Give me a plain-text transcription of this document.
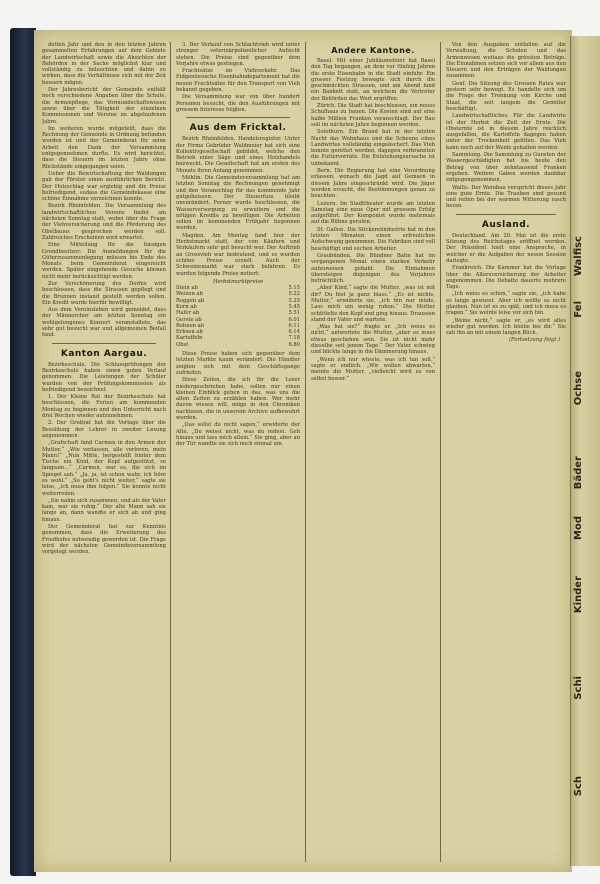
detten Jahr und den in den letzten Jahren gesammelten Erfahrungen auf dem Gebiete der Landwirtschaft sowie die Absichten der Behörden in der Sache möglichst klar und vollständig zu beleuchten und dahin zu wirken, dass die Verhältnisse sich mit der Zeit bessern mögen.

Der Jahresbericht der Gemeinde enthält noch verschiedene Angaben über die Schule, die Armenpflege, das Vormundschaftswesen sowie über die Tätigkeit der einzelnen Kommissionen und Vereine im abgelaufenen Jahre.

Im weiteren wurde mitgeteilt, dass die Rechnung der Gemeinde in Ordnung befunden worden ist und der Gemeinderat für seine Arbeit den Dank der Versammlung entgegennehmen durfte. Es wird berichtet, dass die Steuern im letzten Jahre ohne Rückstände eingegangen seien.

Ueber die Bewirtschaftung der Waldungen gab der Förster einen ausführlichen Bericht. Der Holzschlag war ergiebig und die Preise befriedigend, sodass die Gemeindekasse eine schöne Einnahme verzeichnen konnte.

Bezirk Rheinfelden. Die Versammlung des landwirtschaftlichen Vereins findet am nächsten Sonntag statt, wobei über die Frage der Viehversicherung und die Förderung des Obstbaues gesprochen werden soll. Zahlreiches Erscheinen wird erwartet.

Eine Mitteilung für die hiesigen Grundbesitzer: Die Anmeldungen für die Güterzusammenlegung müssen bis Ende des Monats beim Gemeinderat eingereicht werden. Später eingehende Gesuche können nicht mehr berücksichtigt werden.

Zur Verschönerung des Dorfes wird beschlossen, dass die Strassen gepflegt und die Brunnen instand gestellt werden sollen. Ein Kredit wurde hierfür bewilligt.

Aus dem Vereinsleben wird gemeldet, dass der Männerchor am letzten Sonntag ein wohlgelungenes Konzert veranstaltete, das sehr gut besucht war und allgemeinen Beifall fand.

Kanton Aargau.

Bezirksschule. Die Schlussprüfungen der Bezirksschule haben einen guten Verlauf genommen. Die Leistungen der Schüler wurden von der Prüfungskommission als befriedigend bezeichnet.

1. Der Kleine Rat der Bezirksschule hat beschlossen, die Ferien am kommenden Montag zu beginnen und den Unterricht nach drei Wochen wieder aufzunehmen.

2. Der Großrat hat die Vorlage über die Besoldung der Lehrer in zweiter Lesung angenommen.

„Grafschaft fand Carmen in den Armen der Mutter.“ „Wie verlassen, alle verloren, mein Mann!“ „Nun Mitte, hergestellt hinter dem Tische ein Kind, der Kopf aufgestützt, so langsam...“ „Carmen, war es, die sich im Spiegel sah.“ „Ja, ja, ist schon wahr, ich höre es wohl.“ „So geht's nicht weiter,“ sagte sie leise, „ich muss ihm folgen.“ Sie konnte nicht weiterreden.

„Sie nahm sich zusammen, und als der Vater kam, war sie ruhig.“ Der alte Mann sah sie lange an, dann wandte er sich ab und ging hinaus.

Der Gemeinderat hat zur Kenntnis genommen, dass die Erweiterung des Friedhofes notwendig geworden ist. Die Frage wird der nächsten Gemeindeversammlung vorgelegt werden.

3. Der Verkauf von Schlachtvieh wird unter strenger veterinärpolizeilicher Aufsicht stehen. Die Preise sind gegenüber dem Vorjahre etwas gestiegen.

Frachtsätze im Viehverkehr. Das Eidgenössische Eisenbahndepartement hat die neuen Frachtsätze für den Transport von Vieh bekannt gegeben.

Die Versammlung war von über hundert Personen besucht, die den Ausführungen mit grossem Interesse folgten.

Aus dem Fricktal.

Bezirk Rheinfelden. Handelsregister. Unter der Firma Gebrüder Waldmeier hat sich eine Kollektivgesellschaft gebildet, welche den Betrieb einer Säge und eines Holzhandels bezweckt. Die Gesellschaft hat am ersten des Monats ihren Anfang genommen.

Möhlin. Die Gemeindeversammlung hat am letzten Sonntag die Rechnungen genehmigt und den Voranschlag für das kommende Jahr gutgeheissen. Der Steuerfuss bleibt unverändert. Ferner wurde beschlossen, die Wasserversorgung zu erweitern und die nötigen Kredite zu bewilligen. Die Arbeiten sollen im kommenden Frühjahr begonnen werden.

Magden. Am Montag fand hier der Herbstmarkt statt, der von Käufern und Verkäufern sehr gut besucht war. Der Auftrieb an Grossvieh war bedeutend, und es wurden schöne Preise erzielt. Auch der Schweinemarkt war stark befahren. Es wurden folgende Preise notiert:

Herbstmarktpreise
Stein ab	5.15
Weizen ab	5.22
Roggen ab	5.25
Korn ab	5.45
Hafer ab	5.51
Gerste ab	6.01
Bohnen ab	6.11
Erbsen ab	6.14
Kartoffeln	7.18
Obst	6.80

Diese Preise haben sich gegenüber dem letzten Markte kaum verändert. Die Händler zeigten sich mit dem Geschäftsgange zufrieden.

Diese Zeilen, die ich für die Leser niedergeschrieben habe, sollen nur einen kleinen Einblick geben in das, was uns die alten Zeiten zu erzählen haben. Wer mehr davon wissen will, möge in den Chroniken nachlesen, die in unserem Archive aufbewahrt werden.

„Das sollst du nicht sagen,“ erwiderte der Alte. „Du weisst nicht, was du redest. Geh hinaus und lass mich allein.“ Sie ging, aber an der Tür wandte sie sich noch einmal um.

Andere Kantone.

Basel. Mit einer Jubiläumsfeier hat Basel den Tag begangen, an dem vor fünfzig Jahren die erste Eisenbahn in die Stadt einfuhr. Ein grosser Festzug bewegte sich durch die geschmückten Strassen, und am Abend fand ein Bankett statt, an welchem die Vertreter der Behörden das Wort ergriffen.

Zürich. Die Stadt hat beschlossen, ein neues Schulhaus zu bauen. Die Kosten sind auf eine halbe Million Franken veranschlagt. Der Bau soll im nächsten Jahre begonnen werden.

Solothurn. Ein Brand hat in der letzten Nacht das Wohnhaus und die Scheune eines Landwirtes vollständig eingeäschert. Das Vieh konnte gerettet werden, dagegen verbrannten die Futtervorräte. Die Entstehungsursache ist unbekannt.

Bern. Die Regierung hat eine Verordnung erlassen, wonach die Jagd auf Gemsen in diesem Jahre eingeschränkt wird. Die Jäger werden ersucht, die Bestimmungen genau zu beachten.

Luzern. Im Stadttheater wurde am letzten Samstag eine neue Oper mit grossem Erfolg aufgeführt. Der Komponist wurde mehrmals auf die Bühne gerufen.

St. Gallen. Die Stickereiindustrie hat in den letzten Monaten einen erfreulichen Aufschwung genommen. Die Fabriken sind voll beschäftigt und suchen Arbeiter.

Graubünden. Die Bündner Bahn hat im vergangenen Monat einen starken Verkehr aufzuweisen gehabt. Die Einnahmen übersteigen diejenigen des Vorjahres beträchtlich.

„Aber Kind,“ sagte die Mutter, „was ist mit dir? Du bist ja ganz blass.“ „Es ist nichts, Mutter,“ erwiderte sie, „ich bin nur müde. Lass mich ein wenig ruhen.“ Die Mutter schüttelte den Kopf und ging hinaus. Draussen stand der Vater und wartete.

„Was hat sie?“ fragte er. „Ich weiss es nicht,“ antwortete die Mutter, „aber es muss etwas geschehen sein. Sie ist nicht mehr dieselbe seit jenem Tage.“ Der Vater schwieg und blickte lange in die Dämmerung hinaus.

„Wenn ich nur wüsste, was ich tun soll,“ sagte er endlich. „Wir wollen abwarten,“ meinte die Mutter, „vielleicht wird es von selbst besser.“

Von den Ausgaben entfallen auf die Verwaltung, die Schulen und das Armenwesen weitaus die grössten Beträge. Die Einnahmen setzen sich vor allem aus den Steuern und den Erträgen der Waldungen zusammen.

Genf. Die Sitzung des Grossen Rates war gestern sehr bewegt. Es handelte sich um die Frage der Trennung von Kirche und Staat, die seit langem die Gemüter beschäftigt.

Landwirtschaftliches. Für die Landwirte ist der Herbst die Zeit der Ernte. Die Obsternte ist in diesem Jahre reichlich ausgefallen, die Kartoffeln dagegen haben unter der Trockenheit gelitten. Das Vieh kann noch auf der Weide gehalten werden.

Sammlung. Die Sammlung zu Gunsten der Wassergeschädigten hat bis heute den Betrag von über zehntausend Franken ergeben. Weitere Gaben werden dankbar entgegengenommen.

Wallis. Der Weinbau verspricht dieses Jahr eine gute Ernte. Die Trauben sind gesund und reifen bei der warmen Witterung rasch heran.

Ausland.

Deutschland. Am 20. Mai ist die erste Sitzung des Reichstages eröffnet worden. Der Präsident hielt eine Ansprache, in welcher er die Aufgaben der neuen Session darlegte.

Frankreich. Die Kammer hat die Vorlage über die Altersversicherung der Arbeiter angenommen. Die Debatte dauerte mehrere Tage.

„Ich weiss es schon,“ sagte sie, „ich habe es lange gewusst. Aber ich wollte es nicht glauben. Nun ist es zu spät, und ich muss es tragen.“ Sie weinte leise vor sich hin.

„Weine nicht,“ sagte er, „es wird alles wieder gut werden. Ich bleibe bei dir.“ Sie sah ihn an mit einem langen Blick.

(Fortsetzung folgt.)
Walfisc
Fel
Ochse
Bäder
Mod
Kinder
Schi
Sch
